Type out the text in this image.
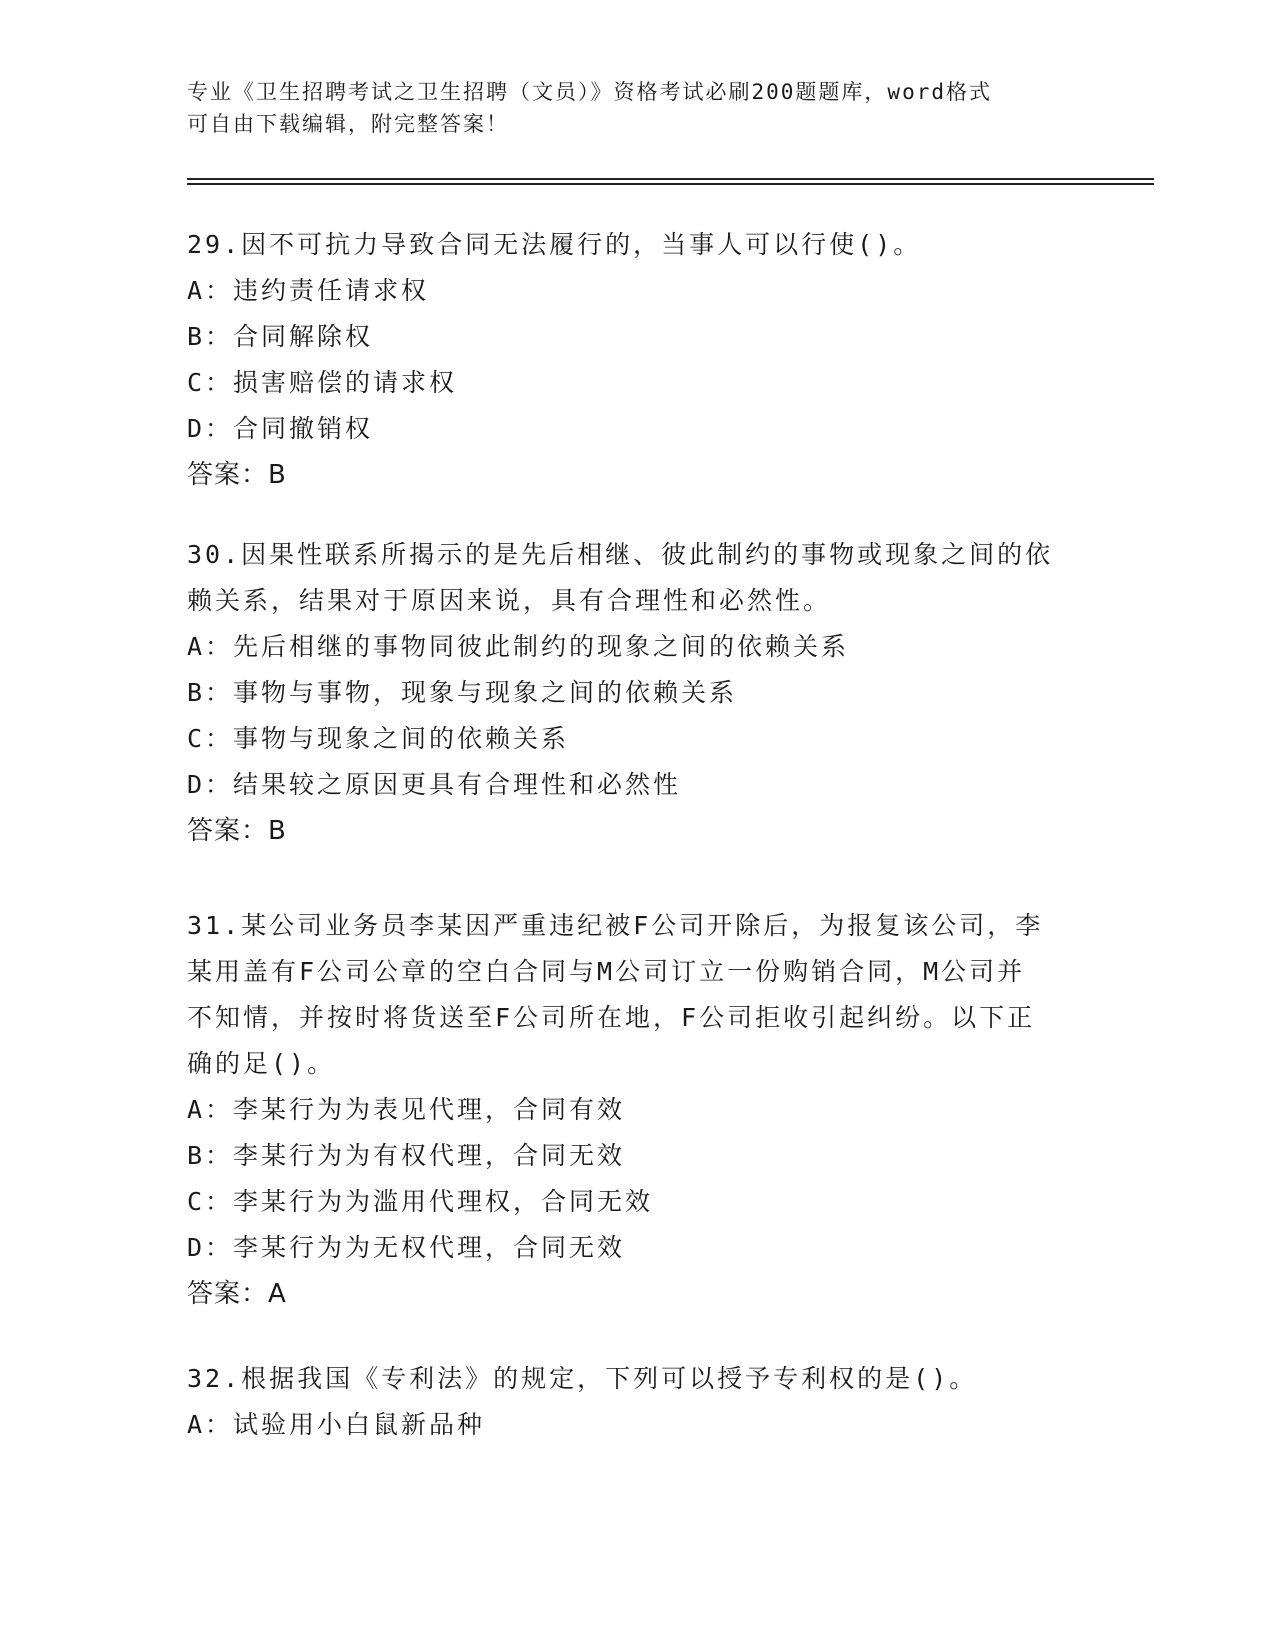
专业《卫生招聘考试之卫生招聘（文员）》资格考试必刷200题题库，word格式
可自由下载编辑，附完整答案！

29.因不可抗力导致合同无法履行的，当事人可以行使()。

A：违约责任请求权

B：合同解除权

C：损害赔偿的请求权

D：合同撤销权

答案：B

30.因果性联系所揭示的是先后相继、彼此制约的事物或现象之间的依

赖关系，结果对于原因来说，具有合理性和必然性。

A：先后相继的事物同彼此制约的现象之间的依赖关系

B：事物与事物，现象与现象之间的依赖关系

C：事物与现象之间的依赖关系

D：结果较之原因更具有合理性和必然性

答案：B

31.某公司业务员李某因严重违纪被F公司开除后，为报复该公司，李

某用盖有F公司公章的空白合同与M公司订立一份购销合同，M公司并

不知情，并按时将货送至F公司所在地，F公司拒收引起纠纷。以下正

确的足()。

A：李某行为为表见代理，合同有效

B：李某行为为有权代理，合同无效

C：李某行为为滥用代理权，合同无效

D：李某行为为无权代理，合同无效

答案：A

32.根据我国《专利法》的规定，下列可以授予专利权的是()。

A：试验用小白鼠新品种
